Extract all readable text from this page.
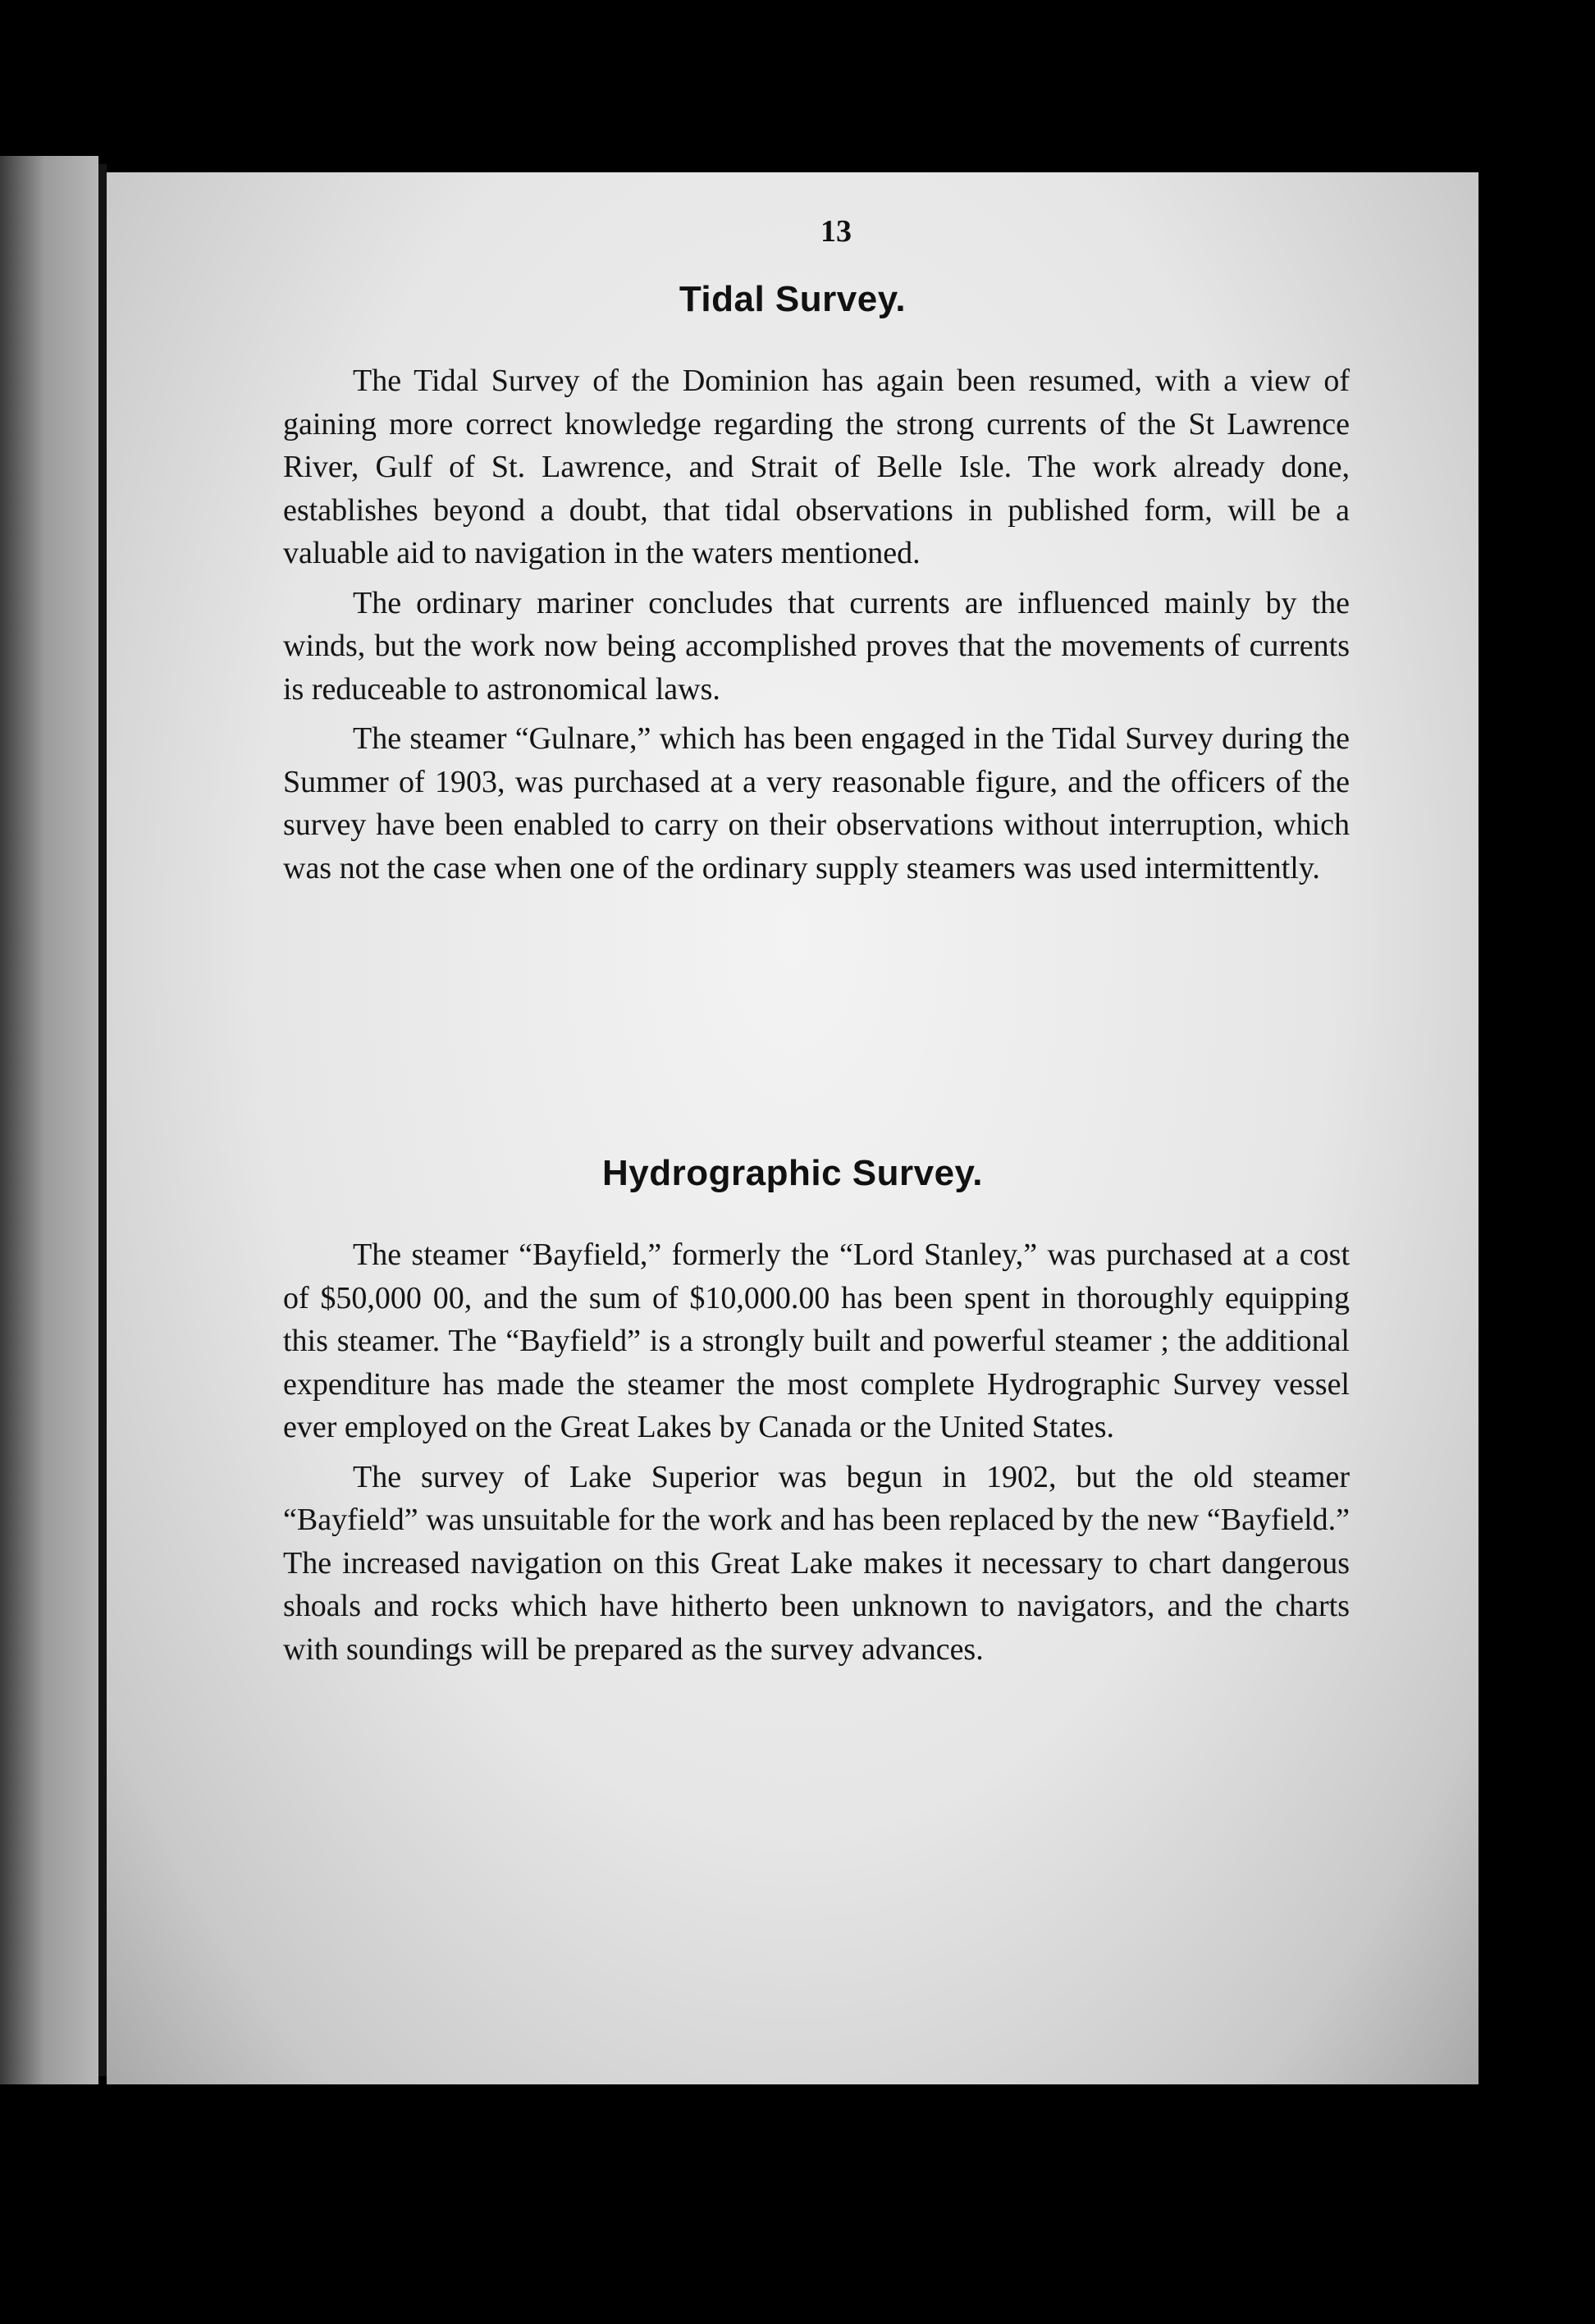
13
Tidal Survey.

The Tidal Survey of the Dominion has again been resumed, with a view of gaining more correct knowledge regarding the strong currents of the St Lawrence River, Gulf of St. Lawrence, and Strait of Belle Isle. The work already done, establishes beyond a doubt, that tidal observations in published form, will be a valuable aid to navigation in the waters mentioned.

The ordinary mariner concludes that currents are influenced mainly by the winds, but the work now being accomplished proves that the movements of currents is reduceable to astronomical laws.

The steamer “Gulnare,” which has been engaged in the Tidal Survey during the Summer of 1903, was purchased at a very reasonable figure, and the officers of the survey have been enabled to carry on their observations without interruption, which was not the case when one of the ordinary supply steamers was used intermittently.

Hydrographic Survey.

The steamer “Bayfield,” formerly the “Lord Stanley,” was purchased at a cost of $50,000 00, and the sum of $10,000.00 has been spent in thoroughly equipping this steamer. The “Bayfield” is a strongly built and powerful steamer ; the additional expenditure has made the steamer the most complete Hydrographic Survey vessel ever employed on the Great Lakes by Canada or the United States.

The survey of Lake Superior was begun in 1902, but the old steamer “Bayfield” was unsuitable for the work and has been replaced by the new “Bayfield.” The increased navigation on this Great Lake makes it necessary to chart dangerous shoals and rocks which have hitherto been unknown to navigators, and the charts with soundings will be prepared as the survey advances.
